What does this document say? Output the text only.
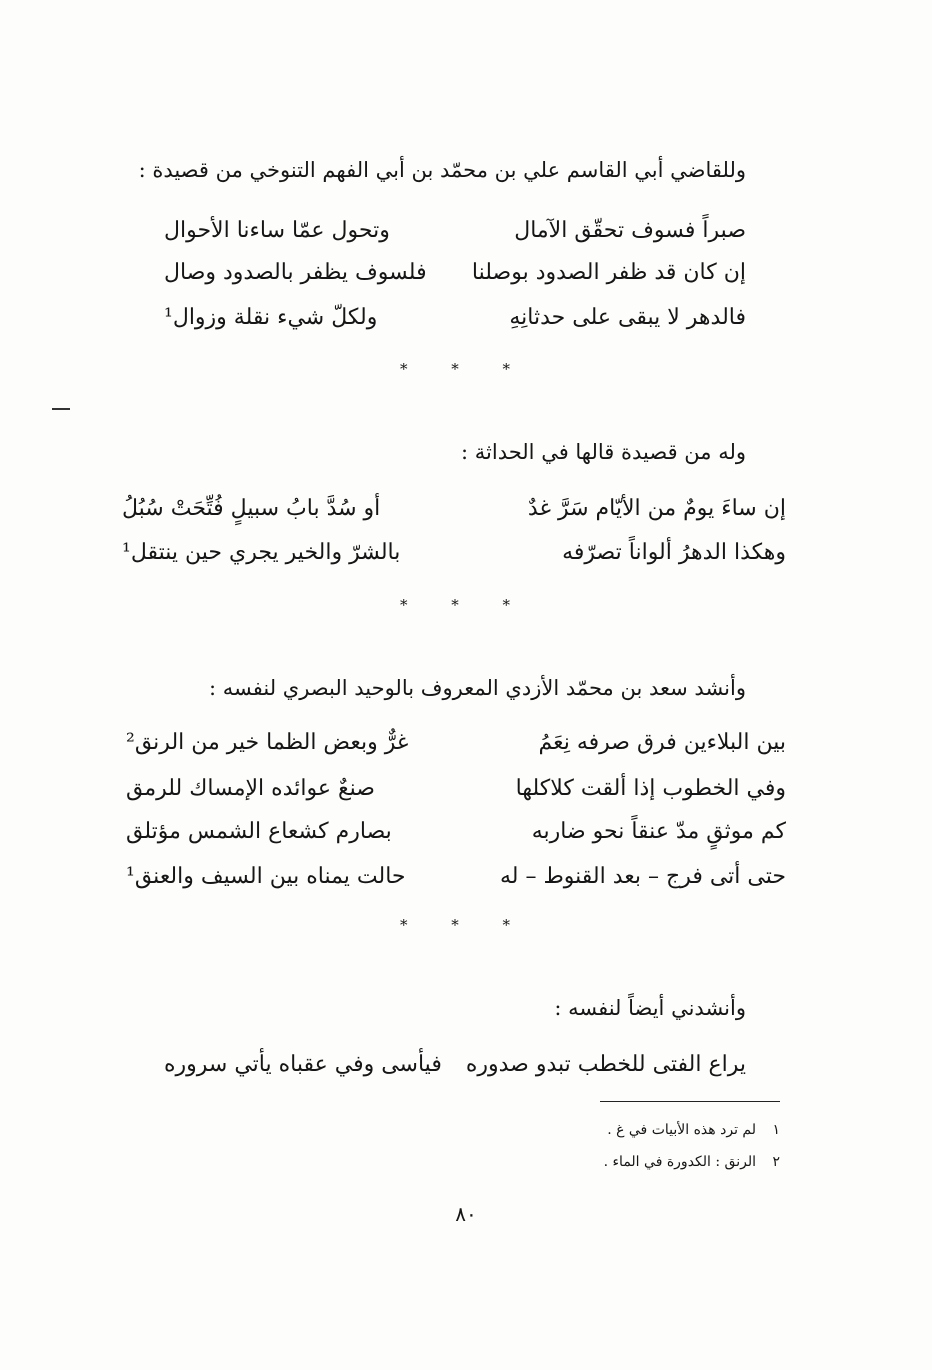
وللقاضي أبي القاسم علي بن محمّد بن أبي الفهم التنوخي من قصيدة :
صبراً فسوف تحقّق الآمال
وتحول عمّا ساءنا الأحوال
إن كان قد ظفر الصدود بوصلنا
فلسوف يظفر بالصدود وصال
فالدهر لا يبقى على حدثانِهِ
ولكلّ شيء نقلة وزوال¹
*	*	*
وله من قصيدة قالها في الحداثة :
إن ساءَ يومٌ من الأيّام سَرَّ غدٌ
أو سُدَّ بابُ سبيلٍ فُتِّحَتْ سُبُلُ
وهكذا الدهرُ ألواناً تصرّفه
بالشرّ والخير يجري حين ينتقل¹
*	*	*
وأنشد سعد بن محمّد الأزدي المعروف بالوحيد البصري لنفسه :
بين البلاءين فرق صرفه نِعَمُ
غرٌّ وبعض الظما خير من الرنق²
وفي الخطوب إذا ألقت كلاكلها
صنعٌ عوائده الإمساك للرمق
كم موثقٍ مدّ عنقاً نحو ضاربه
بصارم كشعاع الشمس مؤتلق
حتى أتى فرج – بعد القنوط – له
حالت يمناه بين السيف والعنق¹
*	*	*
وأنشدني أيضاً لنفسه :
يراع الفتى للخطب تبدو صدوره
فيأسى وفي عقباه يأتي سروره
١لم ترد هذه الأبيات في غ .
٢الرنق : الكدورة في الماء .
٨٠
